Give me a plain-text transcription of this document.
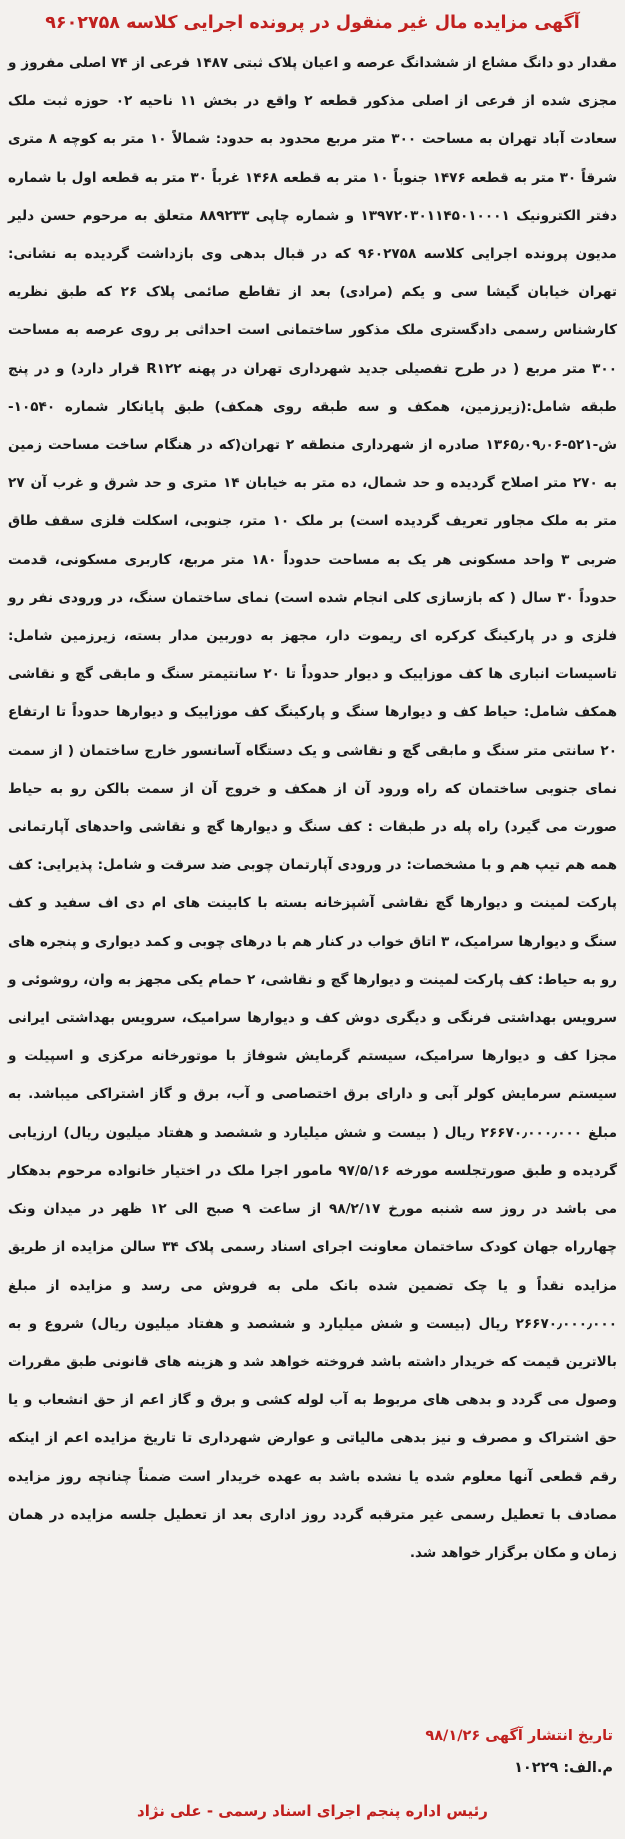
آگهی مزایده مال غیر منقول در پرونده اجرایی کلاسه ۹۶۰۲۷۵۸

مقدار دو دانگ مشاع از ششدانگ عرصه و اعیان پلاک ثبتی ۱۴۸۷ فرعی از ۷۴ اصلی مفروز و مجزی شده از فرعی از اصلی مذکور قطعه ۲ واقع در بخش ۱۱ ناحیه ۰۲ حوزه ثبت ملک سعادت آباد تهران به مساحت ۳۰۰ متر مربع محدود به حدود: شمالاً ۱۰ متر به کوچه ۸ متری شرقاً ۳۰ متر به قطعه ۱۴۷۶ جنوباً ۱۰ متر به قطعه ۱۴۶۸ غرباً ۳۰ متر به قطعه اول با شماره دفتر الکترونیک ۱۳۹۷۲۰۳۰۱۱۴۵۰۱۰۰۰۱ و شماره چاپی ۸۸۹۲۳۳ متعلق به مرحوم حسن دلیر مدیون پرونده اجرایی کلاسه ۹۶۰۲۷۵۸ که در قبال بدهی وی بازداشت گردیده به نشانی: تهران خیابان گیشا سی و یکم (مرادی) بعد از تقاطع صائمی پلاک ۲۶ که طبق نظریه کارشناس رسمی دادگستری ملک مذکور ساختمانی است احداثی بر روی عرصه به مساحت ۳۰۰ متر مربع ( در طرح تفصیلی جدید شهرداری تهران در پهنه R۱۲۲ قرار دارد) و در پنج طبقه شامل:(زیرزمین، همکف و سه طبقه روی همکف) طبق پایانکار شماره ۱۰۵۴۰-ش-۵۲۱-۱۳۶۵٫۰۹٫۰۶ صادره از شهرداری منطقه ۲ تهران(که در هنگام ساخت مساحت زمین به ۲۷۰ متر اصلاح گردیده و حد شمال، ده متر به خیابان ۱۴ متری و حد شرق و غرب آن ۲۷ متر به ملک مجاور تعریف گردیده است) بر ملک ۱۰ متر، جنوبی، اسکلت فلزی سقف طاق ضربی ۳ واحد مسکونی هر یک به مساحت حدوداً ۱۸۰ متر مربع، کاربری مسکونی، قدمت حدوداً ۳۰ سال ( که بازسازی کلی انجام شده است) نمای ساختمان سنگ، در ورودی نفر رو فلزی و در پارکینگ کرکره ای ریموت دار، مجهز به دوربین مدار بسته، زیرزمین شامل: تاسیسات انباری ها کف موزاییک و دیوار حدوداً تا ۲۰ سانتیمتر سنگ و مابقی گچ و نقاشی همکف شامل: حیاط کف و دیوارها سنگ و پارکینگ کف موزاییک و دیوارها حدوداً تا ارتفاع ۲۰ سانتی متر سنگ و مابقی گچ و نقاشی و یک دستگاه آسانسور خارج ساختمان ( از سمت نمای جنوبی ساختمان که راه ورود آن از همکف و خروج آن از سمت بالکن رو به حیاط صورت می گیرد) راه پله در طبقات : کف سنگ و دیوارها گچ و نقاشی واحدهای آپارتمانی همه هم تیپ هم و با مشخصات: در ورودی آپارتمان چوبی ضد سرقت و شامل: پذیرایی: کف پارکت لمینت و دیوارها گچ نقاشی آشپزخانه بسته با کابینت های ام دی اف سفید و کف سنگ و دیوارها سرامیک، ۳ اتاق خواب در کنار هم با درهای چوبی و کمد دیواری و پنجره های رو به حیاط: کف پارکت لمینت و دیوارها گچ و نقاشی، ۲ حمام یکی مجهز به وان، روشوئی و سرویس بهداشتی فرنگی و دیگری دوش کف و دیوارها سرامیک، سرویس بهداشتی ایرانی مجزا کف و دیوارها سرامیک، سیستم گرمایش شوفاژ با موتورخانه مرکزی و اسپیلت و سیستم سرمایش کولر آبی و دارای برق اختصاصی و آب، برق و گاز اشتراکی میباشد. به مبلغ ۲۶۶۷۰٫۰۰۰٫۰۰۰ ریال ( بیست و شش میلیارد و ششصد و هفتاد میلیون ریال) ارزیابی گردیده و طبق صورتجلسه مورخه ۹۷/۵/۱۶ مامور اجرا ملک در اختیار خانواده مرحوم بدهکار می باشد در روز سه شنبه مورخ ۹۸/۲/۱۷ از ساعت ۹ صبح الی ۱۲ ظهر در میدان ونک چهارراه جهان کودک ساختمان معاونت اجرای اسناد رسمی پلاک ۳۴ سالن مزایده از طریق مزایده نقداً و یا چک تضمین شده بانک ملی به فروش می رسد و مزایده از مبلغ ۲۶۶۷۰٫۰۰۰٫۰۰۰ ریال (بیست و شش میلیارد و ششصد و هفتاد میلیون ریال) شروع و به بالاترین قیمت که خریدار داشته باشد فروخته خواهد شد و هزینه های قانونی طبق مقررات وصول می گردد و بدهی های مربوط به آب لوله کشی و برق و گاز اعم از حق انشعاب و یا حق اشتراک و مصرف و نیز بدهی مالیاتی و عوارض شهرداری تا تاریخ مزایده اعم از اینکه رقم قطعی آنها معلوم شده یا نشده باشد به عهده خریدار است ضمناً چنانچه روز مزایده مصادف با تعطیل رسمی غیر مترقبه گردد روز اداری بعد از تعطیل جلسه مزایده در همان زمان و مکان برگزار خواهد شد.

تاریخ انتشار آگهی ۹۸/۱/۲۶

م.الف: ۱۰۲۲۹

رئیس اداره پنجم اجرای اسناد رسمی - علی نژاد
